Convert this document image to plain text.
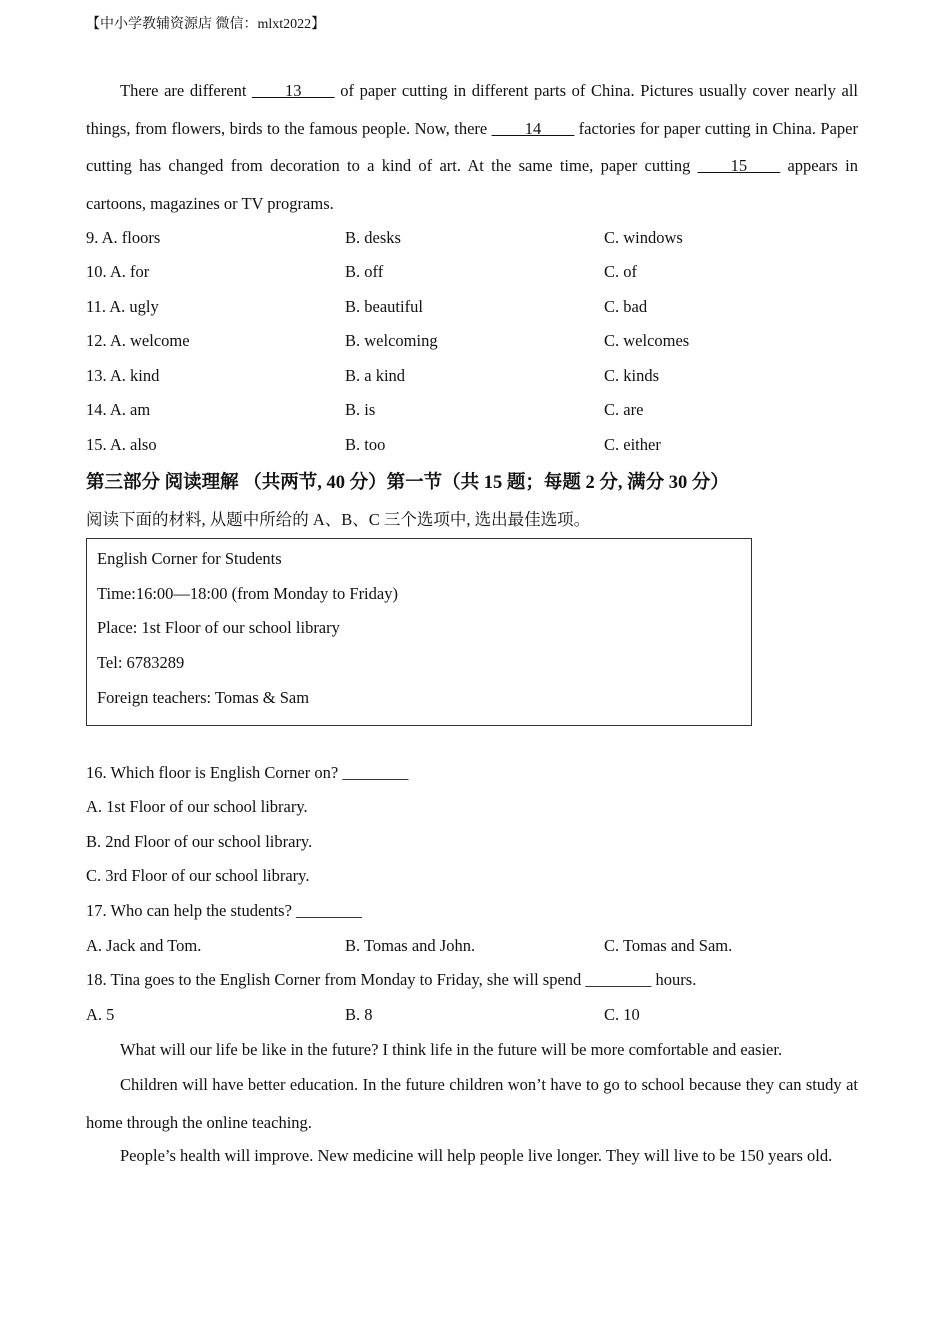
【中小学教辅资源店 微信：mlxt2022】
There are different ____13____ of paper cutting in different parts of China. Pictures usually cover nearly all things, from flowers, birds to the famous people. Now, there ____14____ factories for paper cutting in China. Paper cutting has changed from decoration to a kind of art. At the same time, paper cutting ____15____ appears in cartoons, magazines or TV programs.
9. A. floors	B. desks	C. windows
10. A. for	B. off	C. of
11. A. ugly	B. beautiful	C. bad
12. A. welcome	B. welcoming	C. welcomes
13. A. kind	B. a kind	C. kinds
14. A. am	B. is	C. are
15. A. also	B. too	C. either
第三部分 阅读理解 （共两节, 40 分）第一节（共 15 题；每题 2 分, 满分 30 分）
阅读下面的材料, 从题中所给的 A、B、C 三个选项中, 选出最佳选项。
English Corner for Students
Time:16:00—18:00 (from Monday to Friday)
Place: 1st Floor of our school library
Tel: 6783289
Foreign teachers: Tomas & Sam
16. Which floor is English Corner on? ________
A. 1st Floor of our school library.
B. 2nd Floor of our school library.
C. 3rd Floor of our school library.
17. Who can help the students? ________
A. Jack and Tom.	B. Tomas and John.	C. Tomas and Sam.
18. Tina goes to the English Corner from Monday to Friday, she will spend ________ hours.
A. 5	B. 8	C. 10
What will our life be like in the future? I think life in the future will be more comfortable and easier.
Children will have better education. In the future children won’t have to go to school because they can study at home through the online teaching.
People’s health will improve. New medicine will help people live longer. They will live to be 150 years old.
